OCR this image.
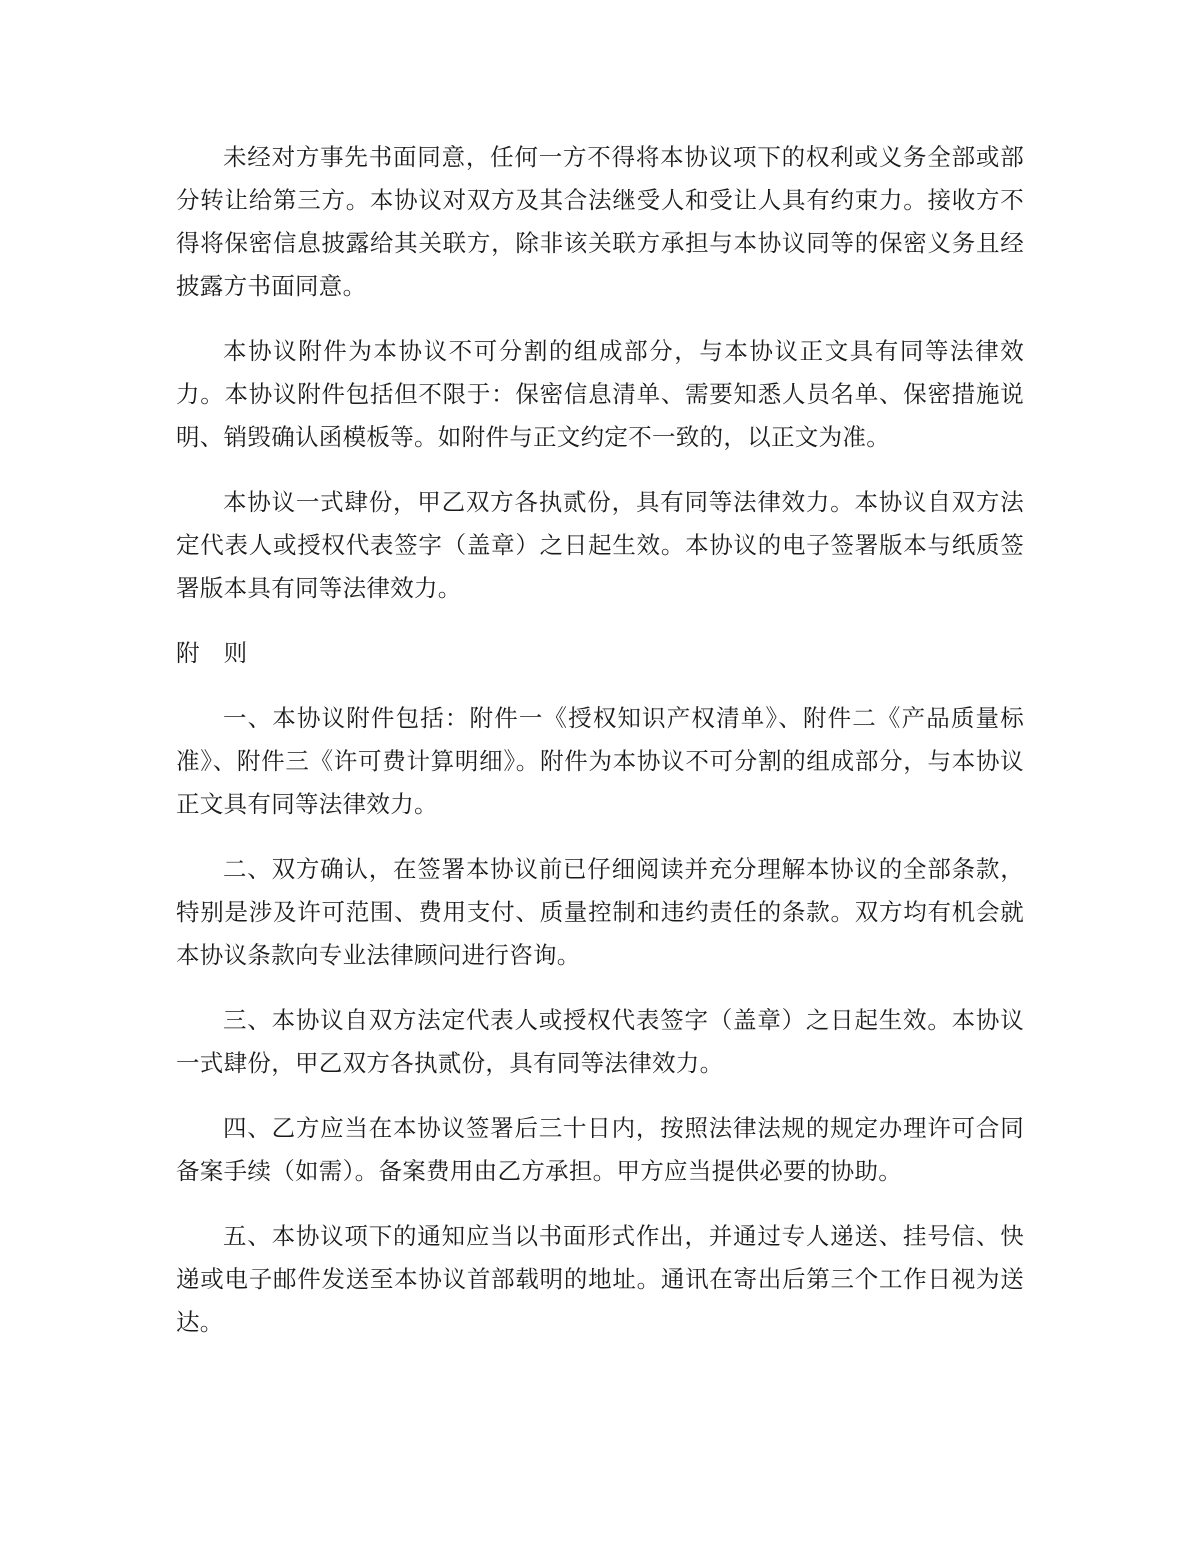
未经对方事先书面同意，任何一方不得将本协议项下的权利或义务全部或部分转让给第三方。本协议对双方及其合法继受人和受让人具有约束力。接收方不得将保密信息披露给其关联方，除非该关联方承担与本协议同等的保密义务且经披露方书面同意。

本协议附件为本协议不可分割的组成部分，与本协议正文具有同等法律效力。本协议附件包括但不限于：保密信息清单、需要知悉人员名单、保密措施说明、销毁确认函模板等。如附件与正文约定不一致的，以正文为准。

本协议一式肆份，甲乙双方各执贰份，具有同等法律效力。本协议自双方法定代表人或授权代表签字（盖章）之日起生效。本协议的电子签署版本与纸质签署版本具有同等法律效力。

附　则

一、本协议附件包括：附件一《授权知识产权清单》、附件二《产品质量标准》、附件三《许可费计算明细》。附件为本协议不可分割的组成部分，与本协议正文具有同等法律效力。

二、双方确认，在签署本协议前已仔细阅读并充分理解本协议的全部条款，特别是涉及许可范围、费用支付、质量控制和违约责任的条款。双方均有机会就本协议条款向专业法律顾问进行咨询。

三、本协议自双方法定代表人或授权代表签字（盖章）之日起生效。本协议一式肆份，甲乙双方各执贰份，具有同等法律效力。

四、乙方应当在本协议签署后三十日内，按照法律法规的规定办理许可合同备案手续（如需）。备案费用由乙方承担。甲方应当提供必要的协助。

五、本协议项下的通知应当以书面形式作出，并通过专人递送、挂号信、快递或电子邮件发送至本协议首部载明的地址。通讯在寄出后第三个工作日视为送达。
